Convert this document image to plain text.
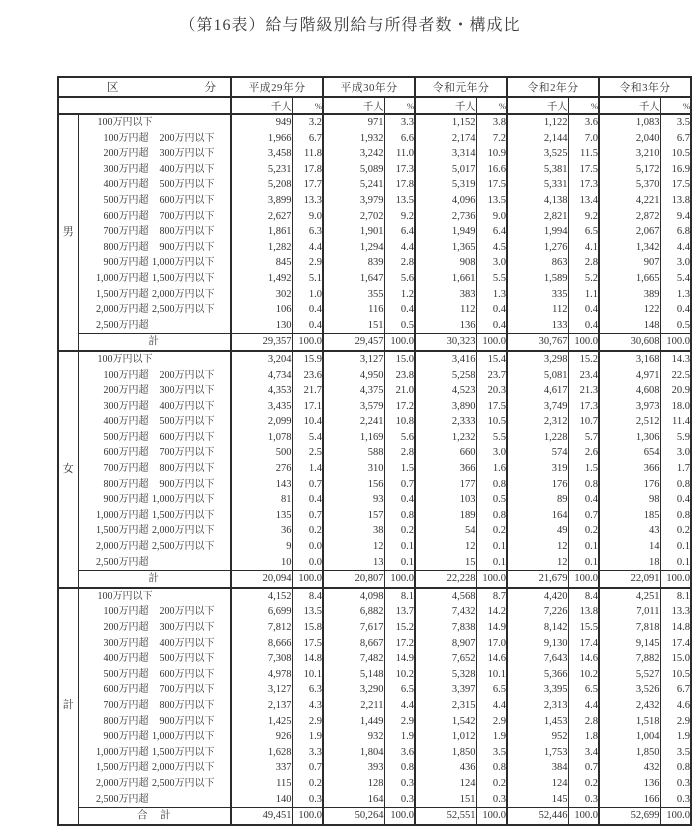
（第16表）給与階級別給与所得者数・構成比
区 分		平成29年分		平成30年分		令和元年分		令和2年分		令和3年分	
		千人	%	千人	%	千人	%	千人	%	千人	%
男	100万円以下	949	3.2	971	3.3	1,152	3.8	1,122	3.6	1,083	3.5
	100万円超 200万円以下	1,966	6.7	1,932	6.6	2,174	7.2	2,144	7.0	2,040	6.7
	200万円超 300万円以下	3,458	11.8	3,242	11.0	3,314	10.9	3,525	11.5	3,210	10.5
	300万円超 400万円以下	5,231	17.8	5,089	17.3	5,017	16.6	5,381	17.5	5,172	16.9
	400万円超 500万円以下	5,208	17.7	5,241	17.8	5,319	17.5	5,331	17.3	5,370	17.5
	500万円超 600万円以下	3,899	13.3	3,979	13.5	4,096	13.5	4,138	13.4	4,221	13.8
	600万円超 700万円以下	2,627	9.0	2,702	9.2	2,736	9.0	2,821	9.2	2,872	9.4
	700万円超 800万円以下	1,861	6.3	1,901	6.4	1,949	6.4	1,994	6.5	2,067	6.8
	800万円超 900万円以下	1,282	4.4	1,294	4.4	1,365	4.5	1,276	4.1	1,342	4.4
	900万円超 1,000万円以下	845	2.9	839	2.8	908	3.0	863	2.8	907	3.0
	1,000万円超 1,500万円以下	1,492	5.1	1,647	5.6	1,661	5.5	1,589	5.2	1,665	5.4
	1,500万円超 2,000万円以下	302	1.0	355	1.2	383	1.3	335	1.1	389	1.3
	2,000万円超 2,500万円以下	106	0.4	116	0.4	112	0.4	112	0.4	122	0.4
	2,500万円超	130	0.4	151	0.5	136	0.4	133	0.4	148	0.5
	計	29,357	100.0	29,457	100.0	30,323	100.0	30,767	100.0	30,608	100.0
女	100万円以下	3,204	15.9	3,127	15.0	3,416	15.4	3,298	15.2	3,168	14.3
	100万円超 200万円以下	4,734	23.6	4,950	23.8	5,258	23.7	5,081	23.4	4,971	22.5
	200万円超 300万円以下	4,353	21.7	4,375	21.0	4,523	20.3	4,617	21.3	4,608	20.9
	300万円超 400万円以下	3,435	17.1	3,579	17.2	3,890	17.5	3,749	17.3	3,973	18.0
	400万円超 500万円以下	2,099	10.4	2,241	10.8	2,333	10.5	2,312	10.7	2,512	11.4
	500万円超 600万円以下	1,078	5.4	1,169	5.6	1,232	5.5	1,228	5.7	1,306	5.9
	600万円超 700万円以下	500	2.5	588	2.8	660	3.0	574	2.6	654	3.0
	700万円超 800万円以下	276	1.4	310	1.5	366	1.6	319	1.5	366	1.7
	800万円超 900万円以下	143	0.7	156	0.7	177	0.8	176	0.8	176	0.8
	900万円超 1,000万円以下	81	0.4	93	0.4	103	0.5	89	0.4	98	0.4
	1,000万円超 1,500万円以下	135	0.7	157	0.8	189	0.8	164	0.7	185	0.8
	1,500万円超 2,000万円以下	36	0.2	38	0.2	54	0.2	49	0.2	43	0.2
	2,000万円超 2,500万円以下	9	0.0	12	0.1	12	0.1	12	0.1	14	0.1
	2,500万円超	10	0.0	13	0.1	15	0.1	12	0.1	18	0.1
	計	20,094	100.0	20,807	100.0	22,228	100.0	21,679	100.0	22,091	100.0
計	100万円以下	4,152	8.4	4,098	8.1	4,568	8.7	4,420	8.4	4,251	8.1
	100万円超 200万円以下	6,699	13.5	6,882	13.7	7,432	14.2	7,226	13.8	7,011	13.3
	200万円超 300万円以下	7,812	15.8	7,617	15.2	7,838	14.9	8,142	15.5	7,818	14.8
	300万円超 400万円以下	8,666	17.5	8,667	17.2	8,907	17.0	9,130	17.4	9,145	17.4
	400万円超 500万円以下	7,308	14.8	7,482	14.9	7,652	14.6	7,643	14.6	7,882	15.0
	500万円超 600万円以下	4,978	10.1	5,148	10.2	5,328	10.1	5,366	10.2	5,527	10.5
	600万円超 700万円以下	3,127	6.3	3,290	6.5	3,397	6.5	3,395	6.5	3,526	6.7
	700万円超 800万円以下	2,137	4.3	2,211	4.4	2,315	4.4	2,313	4.4	2,432	4.6
	800万円超 900万円以下	1,425	2.9	1,449	2.9	1,542	2.9	1,453	2.8	1,518	2.9
	900万円超 1,000万円以下	926	1.9	932	1.9	1,012	1.9	952	1.8	1,004	1.9
	1,000万円超 1,500万円以下	1,628	3.3	1,804	3.6	1,850	3.5	1,753	3.4	1,850	3.5
	1,500万円超 2,000万円以下	337	0.7	393	0.8	436	0.8	384	0.7	432	0.8
	2,000万円超 2,500万円以下	115	0.2	128	0.3	124	0.2	124	0.2	136	0.3
	2,500万円超	140	0.3	164	0.3	151	0.3	145	0.3	166	0.3
	合　計	49,451	100.0	50,264	100.0	52,551	100.0	52,446	100.0	52,699	100.0
